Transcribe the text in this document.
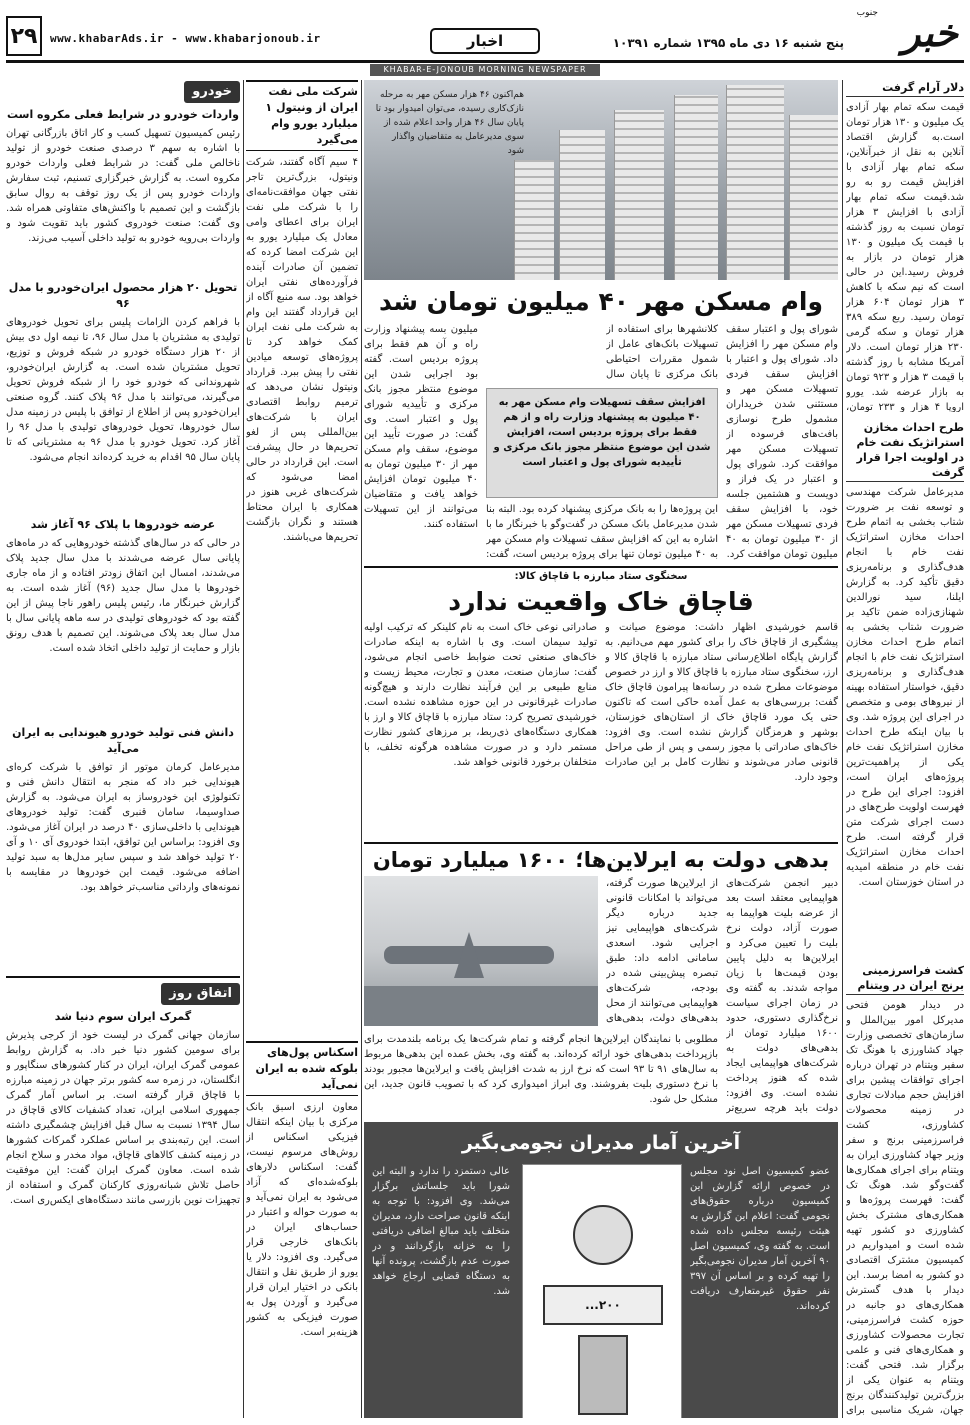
۲۹	www.khabarAds.ir - www.khabarjonoub.ir	اخبار	پنج شنبه ۱۶ دی ماه ۱۳۹۵ شماره ۱۰۳۹۱ خبر
جنوب
KHABAR-E-JONOUB MORNING NEWSPAPER
دلار آرام گرفت
قیمت سکه تمام بهار آزادی یک میلیون و ۱۳۰ هزار تومان است.به گزارش اقتصاد آنلاین به نقل از خبرآنلاین، سکه تمام بهار آزادی با افزایش قیمت رو به رو شد.قیمت سکه تمام بهار آزادی با افزایش ۳ هزار تومان نسبت به روز گذشته با قیمت یک میلیون و ۱۳۰ هزار تومان در بازار به فروش رسید.این در حالی است که نیم سکه با کاهش ۳ هزار تومان ۶۰۴ هزار تومان رسید. ربع سکه ۳۸۹ هزار تومان و سکه گرمی ۲۳۰ هزار تومان است. دلار آمریکا مشابه با روز گذشته با قیمت ۳ هزار و ۹۲۳ تومان به بازار عرضه شد. یورو اروپا ۴ هزار و ۲۳۳ تومان،
طرح احداث مخازن استراتژیک نفت خام در اولویت اجرا قرار گرفت
مدیرعامل شرکت مهندسی و توسعه نفت بر ضرورت شتاب بخشی به اتمام طرح احداث مخازن استراتژیک نفت خام با انجام هدف‌گذاری و برنامه‌ریزی دقیق تأکید کرد. به گزارش ایلنا، سید نورالدین شهنازی‌زاده ضمن تاکید بر ضرورت شتاب بخشی به اتمام طرح احداث مخازن استراتژیک نفت خام با انجام هدف‌گذاری و برنامه‌ریزی دقیق، خواستار استفاده بهینه از نیروهای بومی و متخصص در اجرای این پروژه شد. وی با بیان اینکه طرح احداث مخازن استراتژیک نفت خام یکی از پراهمیت‌ترین پروژه‌های ایران است، افزود: اجرای این طرح در فهرست اولویت طرح‌های در دست اجرای شرکت متن قرار گرفته است. طرح احداث مخازن استراتژیک نفت خام در منطقه امیدیه در استان خوزستان است.
کشت فراسرزمینی برنج ایران در ویتنام
در دیدار هومن فتحی مدیرکل امور بین‌الملل و سازمان‌های تخصصی وزارت جهاد کشاورزی با هونگ تک سفیر ویتنام در تهران درباره اجرای توافقات پیشین برای افزایش حجم مبادلات تجاری در زمینه محصولات کشاورزی، کشت فراسرزمینی برنج و سفر وزیر جهاد کشاورزی ایران به ویتنام برای اجرای همکاری‌ها گفت‌وگو شد. هونگ تک گفت: فهرست پروژه‌ها و همکاری‌های مشترک بخش کشاورزی دو کشور تهیه شده است و امیدواریم در کمیسیون مشترک اقتصادی دو کشور به امضا برسد. این دیدار با هدف گسترش همکاری‌های دو جانبه در حوزه کشت فراسرزمینی، تجارت محصولات کشاورزی و همکاری‌های فنی و علمی برگزار شد. فتحی گفت: ویتنام به عنوان یکی از بزرگ‌ترین تولیدکنندگان برنج جهان، شریک مناسبی برای
هم‌اکنون ۴۶ هزار مسکن مهر به مرحله نازک‌کاری رسیده، می‌توان امیدوار بود تا پایان سال ۴۶ هزار واحد اعلام شده از سوی مدیرعامل به متقاضیان واگذار شود
وام مسکن مهر ۴۰ میلیون تومان شد
شورای پول و اعتبار سقف وام مسکن مهر را افزایش داد. شورای پول و اعتبار با افزایش سقف فردی تسهیلات مسکن مهر و مستثنی شدن خریداران مشمول طرح نوسازی بافت‌های فرسوده از تسهیلات مسکن مهر موافقت کرد. شورای پول و اعتبار در یک فراز و دویست و هشتمین جلسه خود، با افزایش سقف فردی تسهیلات مسکن مهر از ۳۰ میلیون تومان به ۴۰ میلیون تومان موافقت کرد.
کلانشهرها برای استفاده از تسهیلات بانک‌های عامل از شمول مقررات احتیاطی بانک مرکزی تا پایان سال
افزایش سقف تسهیلات وام مسکن مهر به ۴۰ میلیون به پیشنهاد وزارت راه و از هم فقط برای پروژه بردیس است، افزایش شدن این موضوع منتظر مجوز بانک مرکزی و تأییدیه شورای پول و اعتبار است
این پروژه‌ها را به بانک مرکزی پیشنهاد کرده بود. البته بنا شدن مدیرعامل بانک مسکن در گفت‌وگو با خبرنگار ما با اشاره به این که افزایش سقف تسهیلات وام مسکن مهر به ۴۰ میلیون تومان تنها برای پروژه بردیس است، گفت:
میلیون بسه پیشنهاد وزارت راه و آن هم فقط برای پروژه بردیس است. گفته بود اجرایی شدن این موضوع منتظر مجوز بانک مرکزی و تأییدیه شورای پول و اعتبار است. وی گفت: در صورت تأیید این موضوع، سقف وام مسکن مهر از ۳۰ میلیون تومان به ۴۰ میلیون تومان افزایش خواهد یافت و متقاضیان می‌توانند از این تسهیلات استفاده کنند.
سخنگوی ستاد مبارزه با قاچاق کالا:
قاچاق خاک واقعیت ندارد
قاسم خورشیدی اظهار داشت: موضوع صیانت و پیشگیری از قاچاق خاک را برای کشور مهم می‌دانیم. به گزارش پایگاه اطلاع‌رسانی ستاد مبارزه با قاچاق کالا و ارز، سخنگوی ستاد مبارزه با قاچاق کالا و ارز در خصوص موضوعات مطرح شده در رسانه‌ها پیرامون قاچاق خاک گفت: بررسی‌های به عمل آمده حاکی است که تاکنون حتی یک مورد قاچاق خاک از استان‌های خوزستان، بوشهر و هرمزگان گزارش نشده است. وی افزود: خاک‌های صادراتی با مجوز رسمی و پس از طی مراحل قانونی صادر می‌شوند و نظارت کامل بر این صادرات وجود دارد.
صادراتی نوعی خاک است به نام کلینکر که ترکیب اولیه تولید سیمان است. وی با اشاره به اینکه صادرات خاک‌های صنعتی تحت ضوابط خاصی انجام می‌شود، گفت: سازمان صنعت، معدن و تجارت، محیط زیست و منابع طبیعی بر این فرآیند نظارت دارند و هیچ‌گونه صادرات غیرقانونی در این حوزه مشاهده نشده است. خورشیدی تصریح کرد: ستاد مبارزه با قاچاق کالا و ارز با همکاری دستگاه‌های ذی‌ربط، بر مرزهای کشور نظارت مستمر دارد و در صورت مشاهده هرگونه تخلف، با متخلفان برخورد قانونی خواهد شد.
بدهی دولت به ایرلاین‌ها؛ ۱۶۰۰ میلیارد تومان
دبیر انجمن شرکت‌های هواپیمایی معتقد است بعد از عرضه بلیت هواپیما به صورت آزاد، دولت نرخ بلیت را تعیین می‌کرد و ایرلاین‌ها به دلیل پایین بودن قیمت‌ها با زیان مواجه شدند. به گفته وی در زمان اجرای سیاست نرخ‌گذاری دستوری، حدود ۱۶۰۰ میلیارد تومان از بدهی‌های دولت به شرکت‌های هواپیمایی ایجاد شده که هنوز پرداخت نشده است. وی افزود: دولت باید هرچه سریع‌تر
از ایرلاین‌ها صورت گرفته، می‌تواند با امکانات قانونی جدید درباره دیگر شرکت‌های هواپیمایی نیز اجرایی شود. اسعدی سامانی ادامه داد: طبق تبصره پیش‌بینی شده در بودجه، شرکت‌های هواپیمایی می‌توانند از محل بدهی‌های دولت، بدهی‌های
مطلوبی با نمایندگان ایرلاین‌ها انجام گرفته و تمام شرکت‌ها یک برنامه بلندمدت برای بازپرداخت بدهی‌های خود ارائه کرده‌اند. به گفته وی، بخش عمده این بدهی‌ها مربوط به سال‌های ۹۱ تا ۹۳ است که نرخ ارز به شدت افزایش یافت و ایرلاین‌ها مجبور بودند با نرخ دستوری بلیت بفروشند. وی ابراز امیدواری کرد که با تصویب قانون جدید، این مشکل حل شود.
آخرین آمار مدیران نجومی‌بگیر
عضو کمیسیون اصل نود مجلس در خصوص ارائه گزارش این کمیسیون درباره حقوق‌های نجومی گفت: اعلام این گزارش به هیئت رئیسه مجلس داده شده است. به گفته وی، کمیسیون اصل ۹۰ آخرین آمار مدیران نجومی‌بگیر را تهیه کرده و بر اساس آن ۳۹۷ نفر حقوق غیرمتعارف دریافت کرده‌اند.
۲۰۰...
عالی دستمزد را ندارد و البته این شورا باید جلساتش برگزار می‌شد. وی افزود: با توجه به اینکه قانون صراحت دارد، مدیران متخلف باید مبالغ اضافی دریافتی را به خزانه بازگردانند و در صورت عدم بازگشت، پرونده آنها به دستگاه قضایی ارجاع خواهد شد.
شرکت ملی نفت ایران از ونیتول ۱ میلیارد یورو وام می‌گیرد
۴ سیم آگاه گفتند، شرکت ونیتول، بزرگ‌ترین تاجر نفتی جهان موافقت‌نامه‌ای را با شرکت ملی نفت ایران برای اعطای وامی معادل یک میلیارد یورو به این شرکت امضا کرده که تضمین آن صادرات آینده فرآورده‌های نفتی ایران خواهد بود. سه منبع آگاه از این قرارداد گفتند این وام به شرکت ملی نفت ایران کمک خواهد کرد تا پروژه‌های توسعه میادین نفتی را پیش ببرد. قرارداد ونیتول نشان می‌دهد که ترمیم روابط اقتصادی ایران با شرکت‌های بین‌المللی پس از لغو تحریم‌ها در حال پیشرفت است. این قرارداد در حالی امضا می‌شود که شرکت‌های غربی هنوز در همکاری با ایران محتاط هستند و نگران بازگشت تحریم‌ها می‌باشند.
اسکناس پول‌های بلوکه شده به ایران نمی‌آید
معاون ارزی اسبق بانک مرکزی با بیان اینکه انتقال فیزیکی اسکناس از روش‌های مرسوم نیست، گفت: اسکناس دلارهای بلوکه‌شده‌ای که آزاد می‌شود به ایران نمی‌آید و به صورت حواله و اعتبار در حساب‌های ایران در بانک‌های خارجی قرار می‌گیرد. وی افزود: دلار یا یورو از طریق نقل و انتقال بانکی در اختیار ایران قرار می‌گیرد و آوردن پول به صورت فیزیکی به کشور هزینه‌بر است.
خودرو
واردات خودرو در شرایط فعلی مکروه است
رئیس کمیسیون تسهیل کسب و کار اتاق بازرگانی تهران با اشاره به سهم ۳ درصدی صنعت خودرو از تولید ناخالص ملی گفت: در شرایط فعلی واردات خودرو مکروه است. به گزارش خبرگزاری تسنیم، ثبت سفارش واردات خودرو پس از یک روز توقف به روال سابق بازگشت و این تصمیم با واکنش‌های متفاوتی همراه شد. وی گفت: صنعت خودروی کشور باید تقویت شود و واردات بی‌رویه خودرو به تولید داخلی آسیب می‌زند.
تحویل ۲۰ هزار محصول ایران‌خودرو با مدل ۹۶
با فراهم کردن الزامات پلیس برای تحویل خودروهای تولیدی به مشتریان با مدل سال ۹۶، تا نیمه اول دی بیش از ۲۰ هزار دستگاه خودرو در شبکه فروش و توزیع، تحویل مشتریان شده است. به گزارش ایران‌خودرو، شهروندانی که خودرو خود را از شبکه فروش تحویل می‌گیرند، می‌توانند با مدل ۹۶ پلاک کنند. گروه صنعتی ایران‌خودرو پس از اطلاع از توافق با پلیس در زمینه مدل سال خودروها، تحویل خودروهای تولیدی با مدل ۹۶ را آغاز کرد. تحویل خودرو با مدل ۹۶ به مشتریانی که تا پایان سال ۹۵ اقدام به خرید کرده‌اند انجام می‌شود.
عرضه خودروها با پلاک ۹۶ آغاز شد
در حالی که در سال‌های گذشته خودروهایی که در ماه‌های پایانی سال عرضه می‌شدند با مدل سال جدید پلاک می‌شدند، امسال این اتفاق زودتر افتاده و از ماه جاری خودروها با مدل سال جدید (۹۶) آغاز شده است. به گزارش خبرنگار ما، رئیس پلیس راهور ناجا پیش از این گفته بود که خودروهای تولیدی در سه ماهه پایانی سال با مدل سال بعد پلاک می‌شوند. این تصمیم با هدف رونق بازار و حمایت از تولید داخلی اتخاذ شده است.
دانش فنی تولید خودرو هیوندایی به ایران می‌آید
مدیرعامل کرمان موتور از توافق با شرکت کره‌ای هیوندایی خبر داد که منجر به انتقال دانش فنی و تکنولوژی این خودروساز به ایران می‌شود. به گزارش صداوسیما، سامان قنبری گفت: تولید خودروهای هیوندایی با داخلی‌سازی ۴۰ درصد در ایران آغاز می‌شود. وی افزود: براساس این توافق، ابتدا خودروی آی ۱۰ و آی ۲۰ تولید خواهد شد و سپس سایر مدل‌ها به سبد تولید اضافه می‌شود. قیمت این خودروها در مقایسه با نمونه‌های وارداتی مناسب‌تر خواهد بود.
اتفاق روز
گمرک ایران سوم دنیا شد
سازمان جهانی گمرک در لیست خود از کرجی پذیرش برای سومین کشور دنیا خبر داد. به گزارش روابط عمومی گمرک ایران، ایران در کنار کشورهای سنگاپور و انگلستان، در زمره سه کشور برتر جهان در زمینه مبارزه با قاچاق قرار گرفته است. بر اساس آمار گمرک جمهوری اسلامی ایران، تعداد کشفیات کالای قاچاق در سال ۱۳۹۴ نسبت به سال قبل افزایش چشمگیری داشته است. این رتبه‌بندی بر اساس عملکرد گمرکات کشورها در زمینه کشف کالاهای قاچاق، مواد مخدر و سلاح انجام شده است. معاون گمرک ایران گفت: این موفقیت حاصل تلاش شبانه‌روزی کارکنان گمرک و استفاده از تجهیزات نوین بازرسی مانند دستگاه‌های ایکس‌ری است.
